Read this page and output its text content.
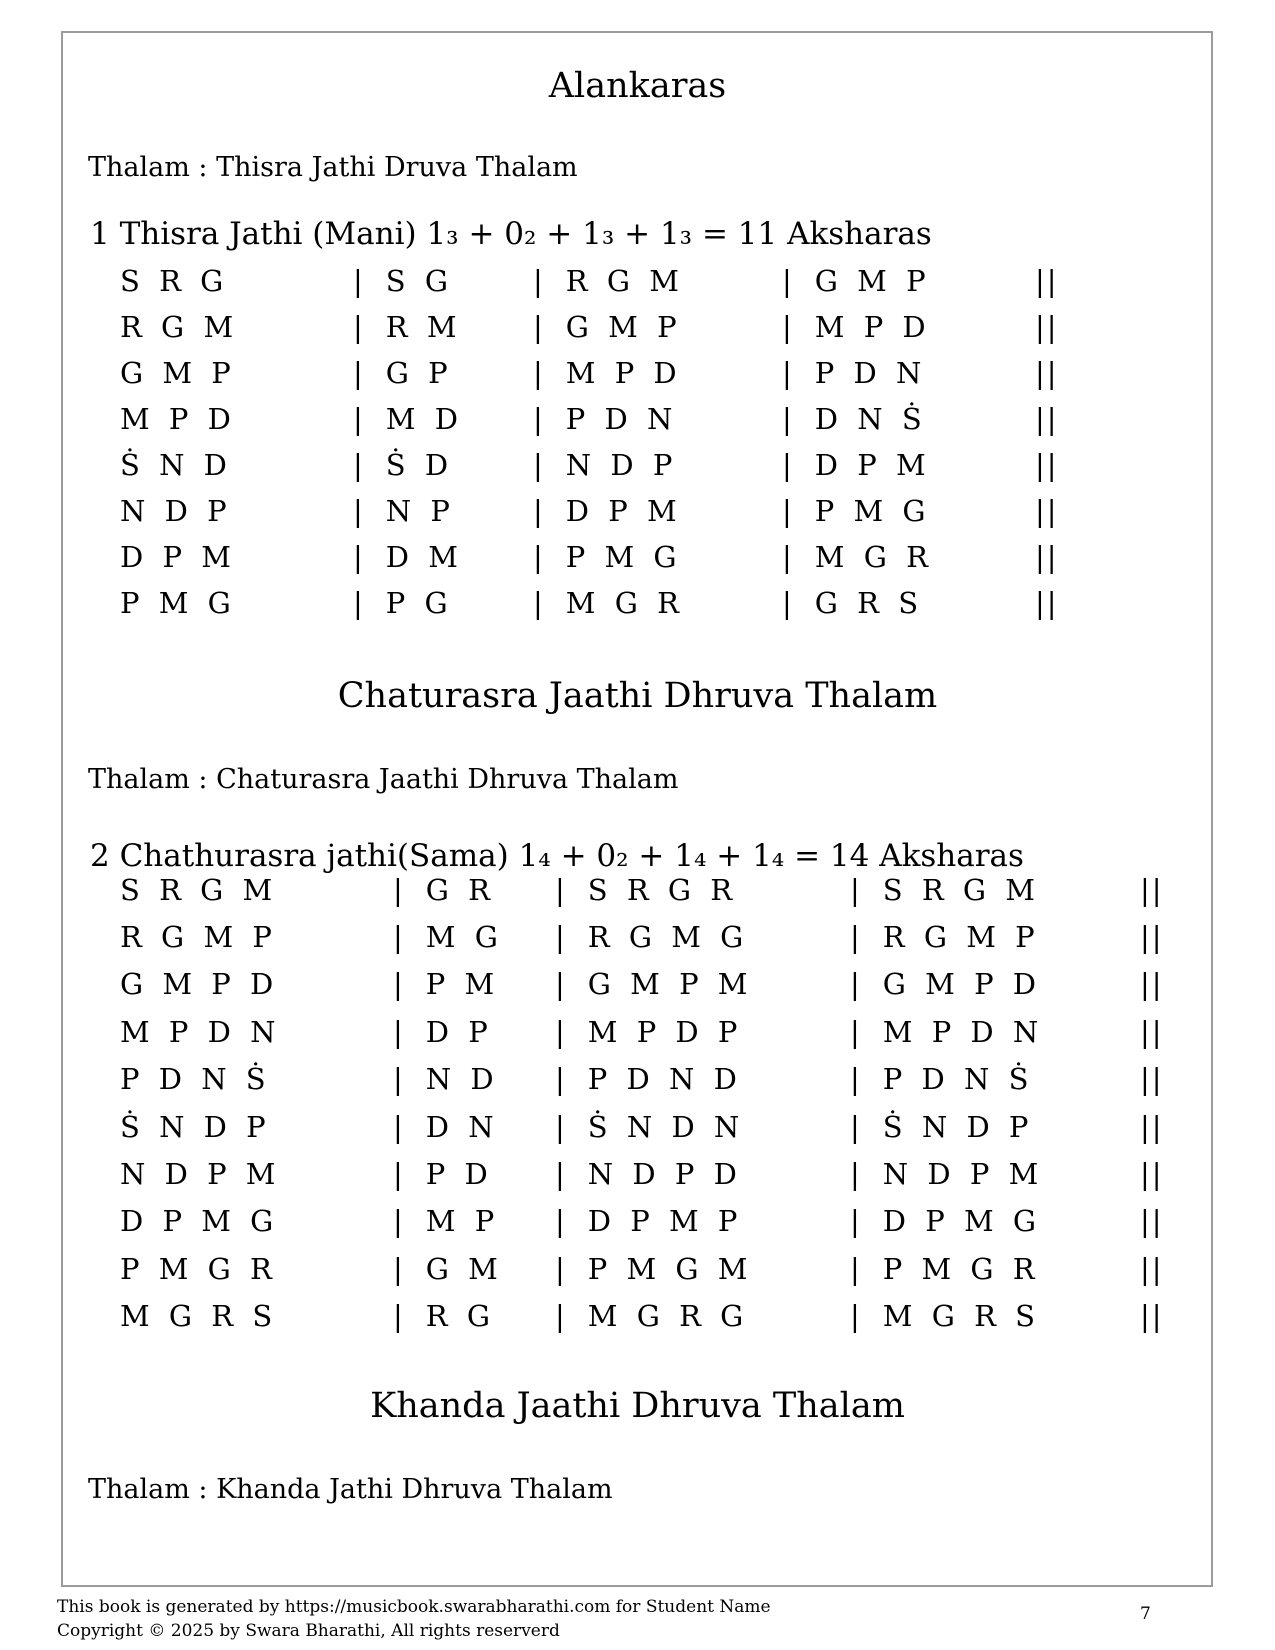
Alankaras
Thalam : Thisra Jathi Druva Thalam
1 Thisra Jathi (Mani) 1₃ + 0₂ + 1₃ + 1₃ = 11 Aksharas
S R G	| S G	| R G M	| G M P	||
R G M	| R M | G M P	| M P D	||
G M P	| G P	| M P D	| P D N	||
M P D	| M D | P D N	| D N Ṡ	||
Ṡ N D	| Ṡ D	| N D P	| D P M	||
N D P	| N P	| D P M	| P M G	||
D P M	| D M | P M G	| M G R	||
P M G	| P G	| M G R	| G R S	||
Chaturasra Jaathi Dhruva Thalam
Thalam : Chaturasra Jaathi Dhruva Thalam
2 Chathurasra jathi(Sama) 1₄ + 0₂ + 1₄ + 1₄ = 14 Aksharas
S R G M	| G R | S R G R	| S R G M	||
R G M P	| M G | R G M G	| R G M P	||
G M P D	| P M | G M P M	| G M P D	||
M P D N	| D P | M P D P	| M P D N	||
P D N Ṡ	| N D | P D N D	| P D N Ṡ	||
Ṡ N D P	| D N | Ṡ N D N	| Ṡ N D P	||
N D P M	| P D | N D P D	| N D P M	||
D P M G	| M P | D P M P	| D P M G	||
P M G R	| G M | P M G M	| P M G R	||
M G R S	| R G | M G R G	| M G R S	||
Khanda Jaathi Dhruva Thalam
Thalam : Khanda Jathi Dhruva Thalam
This book is generated by https://musicbook.swarabharathi.com for Student Name
Copyright © 2025 by Swara Bharathi, All rights reserverd
7
